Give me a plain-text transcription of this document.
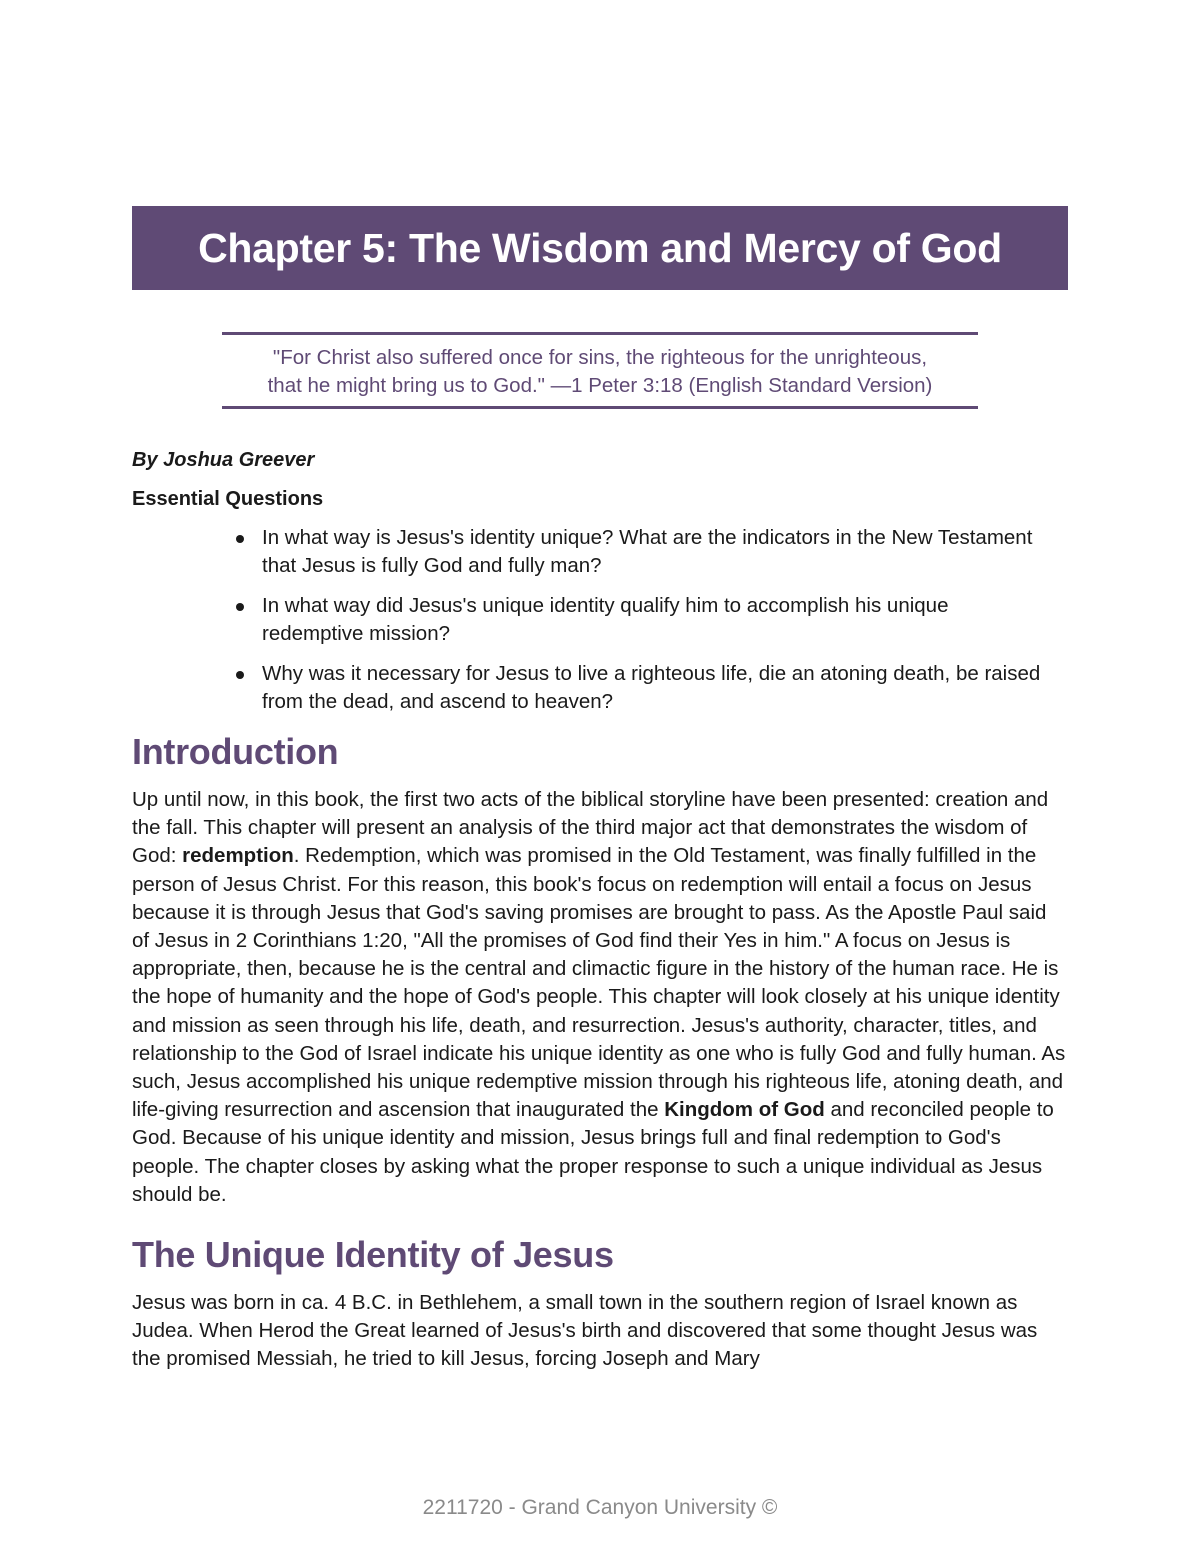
Chapter 5: The Wisdom and Mercy of God

"For Christ also suffered once for sins, the righteous for the unrighteous,

that he might bring us to God." —1 Peter 3:18 (English Standard Version)

By Joshua Greever

Essential Questions

In what way is Jesus's identity unique? What are the indicators in the New Testament that Jesus is fully God and fully man?
In what way did Jesus's unique identity qualify him to accomplish his unique redemptive mission?
Why was it necessary for Jesus to live a righteous life, die an atoning death, be raised from the dead, and ascend to heaven?
Introduction

Up until now, in this book, the first two acts of the biblical storyline have been presented: creation and the fall. This chapter will present an analysis of the third major act that demonstrates the wisdom of God: redemption. Redemption, which was promised in the Old Testament, was finally fulfilled in the person of Jesus Christ. For this reason, this book's focus on redemption will entail a focus on Jesus because it is through Jesus that God's saving promises are brought to pass. As the Apostle Paul said of Jesus in 2 Corinthians 1:20, "All the promises of God find their Yes in him." A focus on Jesus is appropriate, then, because he is the central and climactic figure in the history of the human race. He is the hope of humanity and the hope of God's people. This chapter will look closely at his unique identity and mission as seen through his life, death, and resurrection. Jesus's authority, character, titles, and relationship to the God of Israel indicate his unique identity as one who is fully God and fully human. As such, Jesus accomplished his unique redemptive mission through his righteous life, atoning death, and life-giving resurrection and ascension that inaugurated the Kingdom of God and reconciled people to God. Because of his unique identity and mission, Jesus brings full and final redemption to God's people. The chapter closes by asking what the proper response to such a unique individual as Jesus should be.

The Unique Identity of Jesus

Jesus was born in ca. 4 B.C. in Bethlehem, a small town in the southern region of Israel known as Judea. When Herod the Great learned of Jesus's birth and discovered that some thought Jesus was the promised Messiah, he tried to kill Jesus, forcing Joseph and Mary

2211720 - Grand Canyon University ©
